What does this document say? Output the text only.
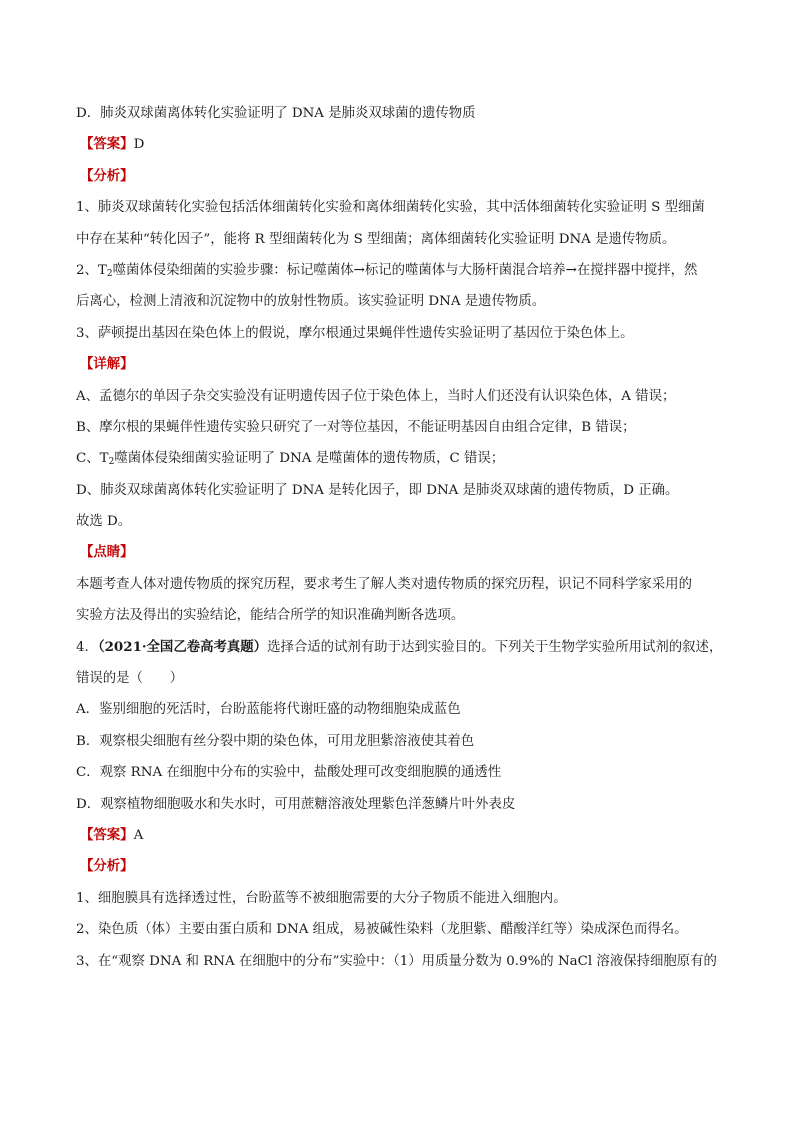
D．肺炎双球菌离体转化实验证明了 DNA 是肺炎双球菌的遗传物质
【答案】D
【分析】
1、肺炎双球菌转化实验包括活体细菌转化实验和离体细菌转化实验，其中活体细菌转化实验证明 S 型细菌
中存在某种“转化因子”，能将 R 型细菌转化为 S 型细菌；离体细菌转化实验证明 DNA 是遗传物质。
2、$T_2$噬菌体侵染细菌的实验步骤：标记噬菌体→标记的噬菌体与大肠杆菌混合培养→在搅拌器中搅拌，然
后离心，检测上清液和沉淀物中的放射性物质。该实验证明 DNA 是遗传物质。
3、萨顿提出基因在染色体上的假说，摩尔根通过果蝇伴性遗传实验证明了基因位于染色体上。
【详解】
A、孟德尔的单因子杂交实验没有证明遗传因子位于染色体上，当时人们还没有认识染色体，A 错误；
B、摩尔根的果蝇伴性遗传实验只研究了一对等位基因，不能证明基因自由组合定律，B 错误；
C、$T_2$噬菌体侵染细菌实验证明了 DNA 是噬菌体的遗传物质，C 错误；
D、肺炎双球菌离体转化实验证明了 DNA 是转化因子，即 DNA 是肺炎双球菌的遗传物质，D 正确。
故选 D。
【点睛】
本题考查人体对遗传物质的探究历程，要求考生了解人类对遗传物质的探究历程，识记不同科学家采用的
实验方法及得出的实验结论，能结合所学的知识准确判断各选项。
4．（2021·全国乙卷高考真题）选择合适的试剂有助于达到实验目的。下列关于生物学实验所用试剂的叙述，
错误的是（　　）
A．鉴别细胞的死活时，台盼蓝能将代谢旺盛的动物细胞染成蓝色
B．观察根尖细胞有丝分裂中期的染色体，可用龙胆紫溶液使其着色
C．观察 RNA 在细胞中分布的实验中，盐酸处理可改变细胞膜的通透性
D．观察植物细胞吸水和失水时，可用蔗糖溶液处理紫色洋葱鳞片叶外表皮
【答案】A
【分析】
1、细胞膜具有选择透过性，台盼蓝等不被细胞需要的大分子物质不能进入细胞内。
2、染色质（体）主要由蛋白质和 DNA 组成，易被碱性染料（龙胆紫、醋酸洋红等）染成深色而得名。
3、在“观察 DNA 和 RNA 在细胞中的分布”实验中：（1）用质量分数为 0.9%的 NaCl 溶液保持细胞原有的
